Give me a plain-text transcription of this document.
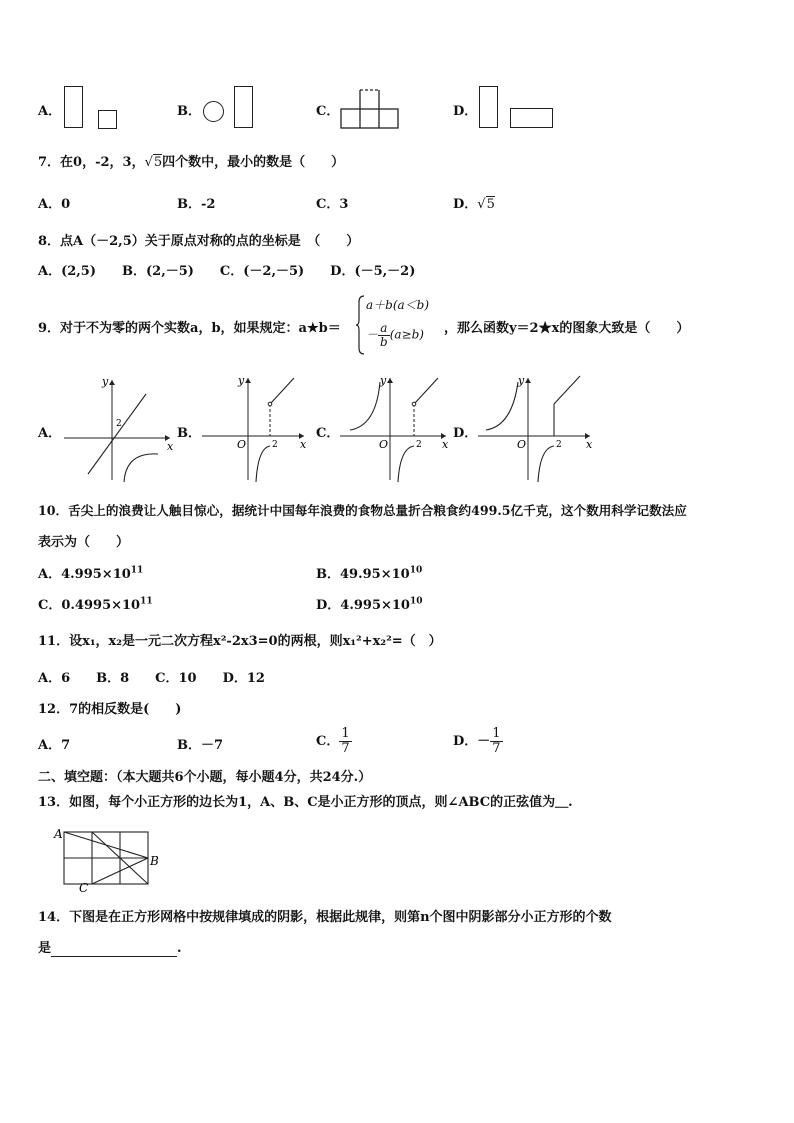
A．	B．	C．	D．
7．在0，-2，3，√5四个数中，最小的数是（　　）
A．0	B．-2	C．3	D．√5
8．点A（－2,5）关于原点对称的点的坐标是　（　　）
A．(2,5)　　B．(2,－5)　　C．(－2,－5)　　D．(－5,－2)
9．对于不为零的两个实数a，b，如果规定：a★b＝
a＋b(a＜b)
－ $\frac{a}{b} (a\ge b)$ ，那么函数y＝2★x的图象大致是（　　）
A．
x
y
2
B．
x
y
O	2
C．
x
y
O	2
D．
x
y
O	2
10．舌尖上的浪费让人触目惊心，据统计中国每年浪费的食物总量折合粮食约499.5亿千克，这个数用科学记数法应
表示为（　　）
A．$4.995\times 10^{11}$	B．$49.95\times 10^{10}$
C．$0.4995\times 10^{11}$	D．$4.995\times 10^{10}$
11．设x₁，x₂是一元二次方程x²-2x3=0的两根，则x₁²+x₂²=（　）
A．6　　B．8　　C．10　　D．12
12．7的相反数是(　　)
A．7	B．－7	C． $\frac{1}{7}$	D．－ $\frac{1}{7}$
二、填空题：（本大题共6个小题，每小题4分，共24分.）
13．如图，每个小正方形的边长为1，A、B、C是小正方形的顶点，则∠ABC的正弦值为＿.
A
B
C
14．下图是在正方形网格中按规律填成的阴影，根据此规律，则第n个图中阴影部分小正方形的个数
是	.
